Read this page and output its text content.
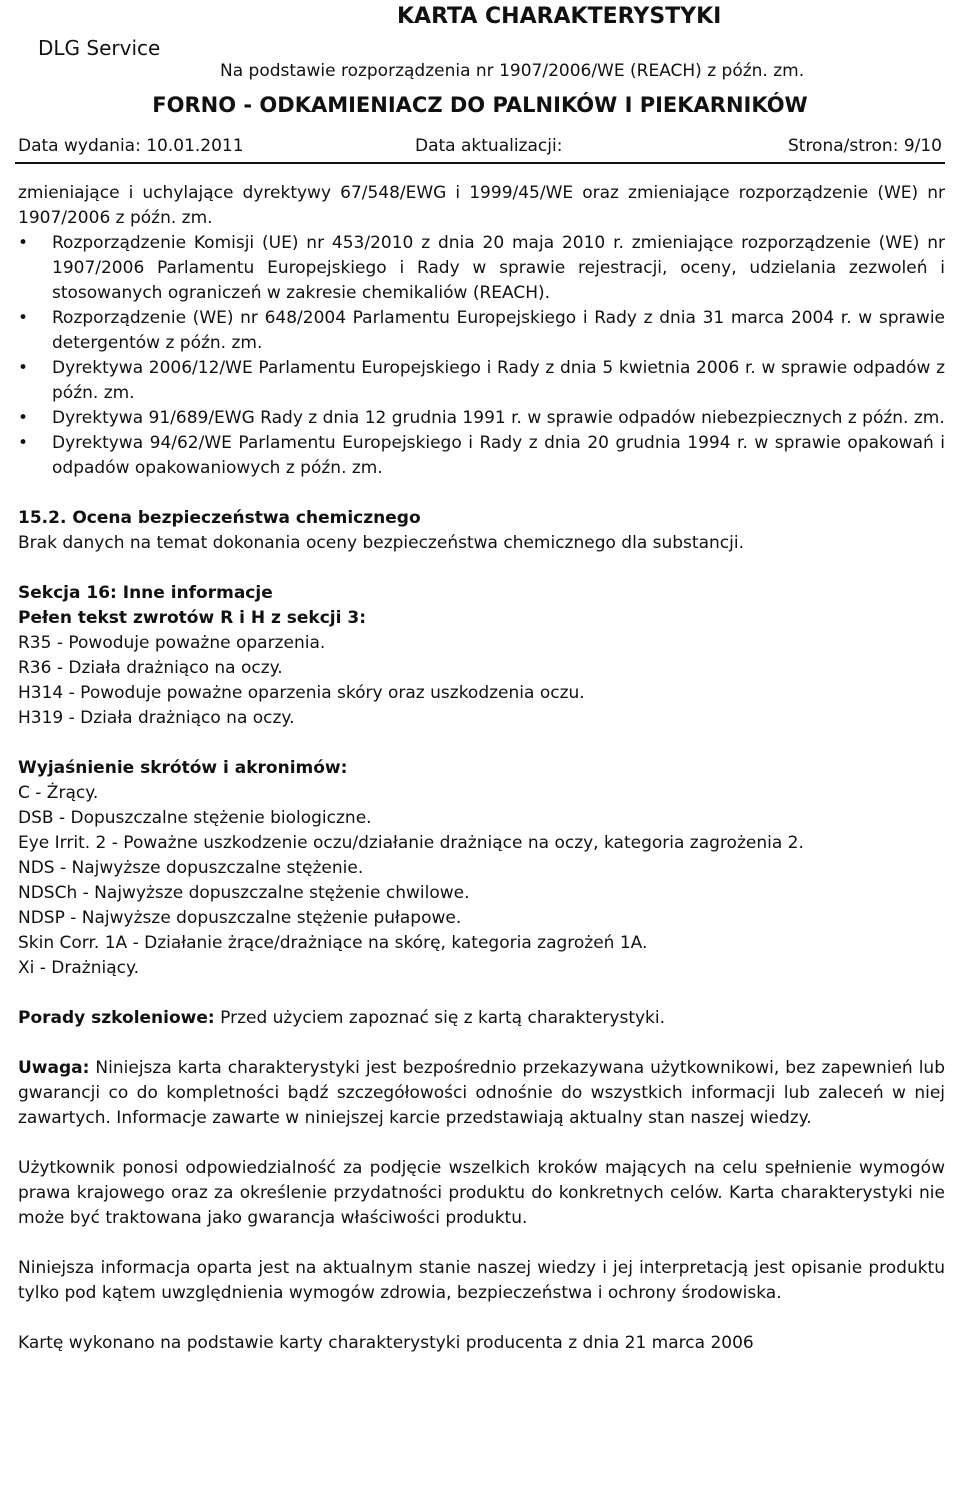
DLG Service
KARTA CHARAKTERYSTYKI
Na podstawie rozporządzenia nr 1907/2006/WE (REACH) z późn. zm.
FORNO - ODKAMIENIACZ DO PALNIKÓW I PIEKARNIKÓW
Data wydania: 10.01.2011	Data aktualizacji:	Strona/stron: 9/10

zmieniające i uchylające dyrektywy 67/548/EWG i 1999/45/WE oraz zmieniające rozporządzenie (WE) nr 1907/2006 z późn. zm.

•	Rozporządzenie Komisji (UE) nr 453/2010 z dnia 20 maja 2010 r. zmieniające rozporządzenie (WE) nr 1907/2006 Parlamentu Europejskiego i Rady w sprawie rejestracji, oceny, udzielania zezwoleń i stosowanych ograniczeń w zakresie chemikaliów (REACH).
•	Rozporządzenie (WE) nr 648/2004 Parlamentu Europejskiego i Rady z dnia 31 marca 2004 r. w sprawie detergentów z późn. zm.
•	Dyrektywa 2006/12/WE Parlamentu Europejskiego i Rady z dnia 5 kwietnia 2006 r. w sprawie odpadów z późn. zm.
•	Dyrektywa 91/689/EWG Rady z dnia 12 grudnia 1991 r. w sprawie odpadów niebezpiecznych z późn. zm.
•	Dyrektywa 94/62/WE Parlamentu Europejskiego i Rady z dnia 20 grudnia 1994 r. w sprawie opakowań i odpadów opakowaniowych z późn. zm.

15.2. Ocena bezpieczeństwa chemicznego

Brak danych na temat dokonania oceny bezpieczeństwa chemicznego dla substancji.

Sekcja 16: Inne informacje

Pełen tekst zwrotów R i H z sekcji 3:

R35 - Powoduje poważne oparzenia.

R36 - Działa drażniąco na oczy.

H314 - Powoduje poważne oparzenia skóry oraz uszkodzenia oczu.

H319 - Działa drażniąco na oczy.

Wyjaśnienie skrótów i akronimów:

C - Żrący.

DSB - Dopuszczalne stężenie biologiczne.

Eye Irrit. 2 - Poważne uszkodzenie oczu/działanie drażniące na oczy, kategoria zagrożenia 2.

NDS - Najwyższe dopuszczalne stężenie.

NDSCh - Najwyższe dopuszczalne stężenie chwilowe.

NDSP - Najwyższe dopuszczalne stężenie pułapowe.

Skin Corr. 1A - Działanie żrące/drażniące na skórę, kategoria zagrożeń 1A.

Xi - Drażniący.

Porady szkoleniowe: Przed użyciem zapoznać się z kartą charakterystyki.

Uwaga: Niniejsza karta charakterystyki jest bezpośrednio przekazywana użytkownikowi, bez zapewnień lub gwarancji co do kompletności bądź szczegółowości odnośnie do wszystkich informacji lub zaleceń w niej zawartych. Informacje zawarte w niniejszej karcie przedstawiają aktualny stan naszej wiedzy.

Użytkownik ponosi odpowiedzialność za podjęcie wszelkich kroków mających na celu spełnienie wymogów prawa krajowego oraz za określenie przydatności produktu do konkretnych celów. Karta charakterystyki nie może być traktowana jako gwarancja właściwości produktu.

Niniejsza informacja oparta jest na aktualnym stanie naszej wiedzy i jej interpretacją jest opisanie produktu tylko pod kątem uwzględnienia wymogów zdrowia, bezpieczeństwa i ochrony środowiska.

Kartę wykonano na podstawie karty charakterystyki producenta z dnia 21 marca 2006
